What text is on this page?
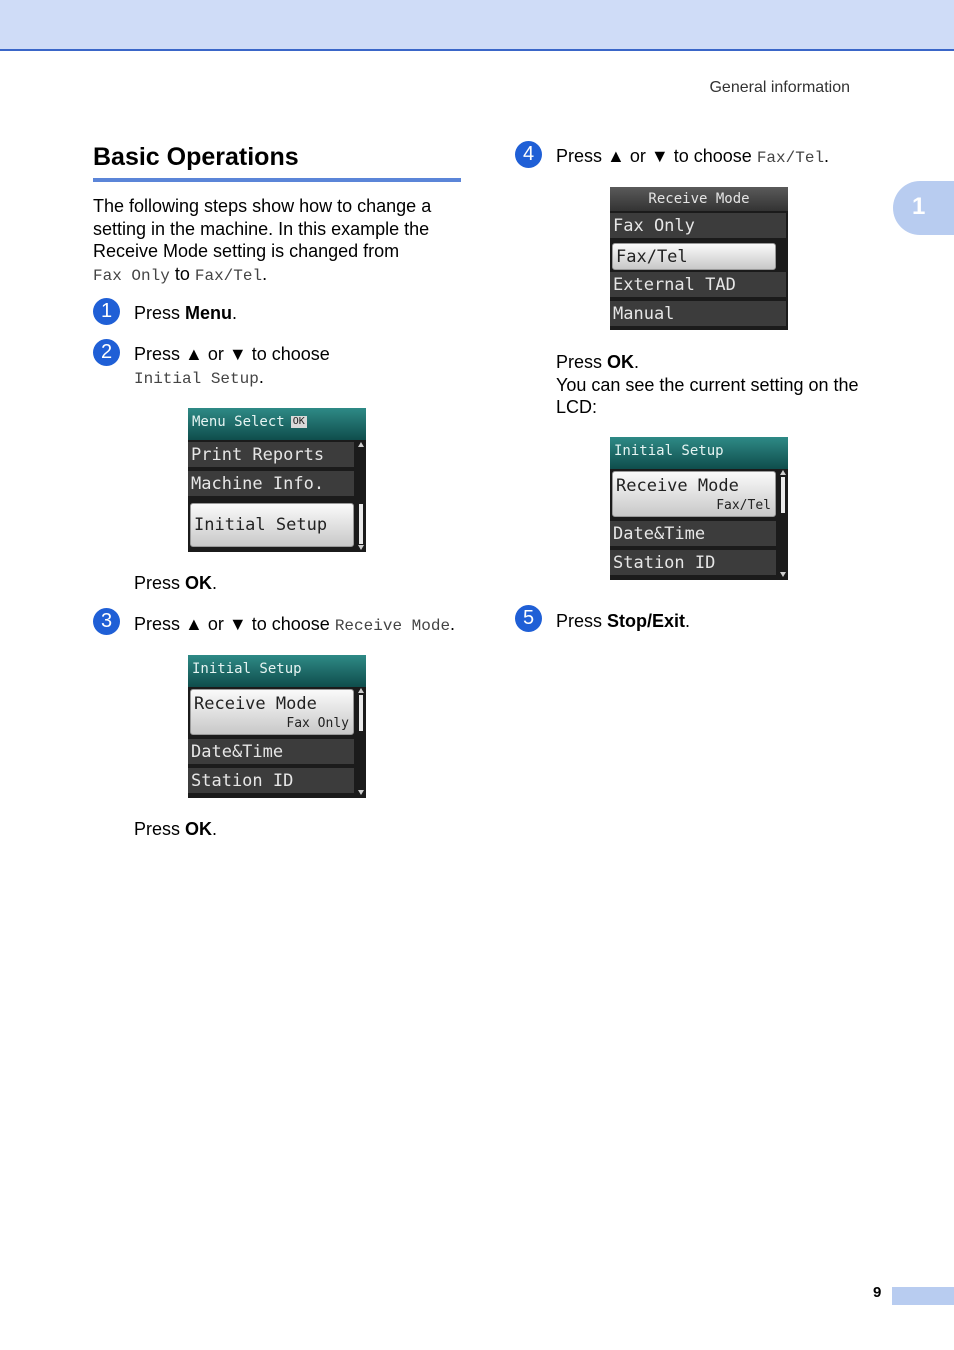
General information
1
Basic Operations
The following steps show how to change a
setting in the machine. In this example the
Receive Mode setting is changed from
Fax Only to Fax/Tel.
1	Press Menu.
2	Press ▲ or ▼ to choose
Initial Setup.
Menu Select OK
Print Reports
Machine Info.
Initial Setup
Press OK.
3	Press ▲ or ▼ to choose Receive Mode.
Initial Setup
Receive Mode
Fax Only
Date&Time
Station ID
Press OK.
4	Press ▲ or ▼ to choose Fax/Tel.
Receive Mode
Fax Only
Fax/Tel
External TAD
Manual
Press OK.
You can see the current setting on the
LCD:
Initial Setup
Receive Mode
Fax/Tel
Date&Time
Station ID
5	Press Stop/Exit.
9
